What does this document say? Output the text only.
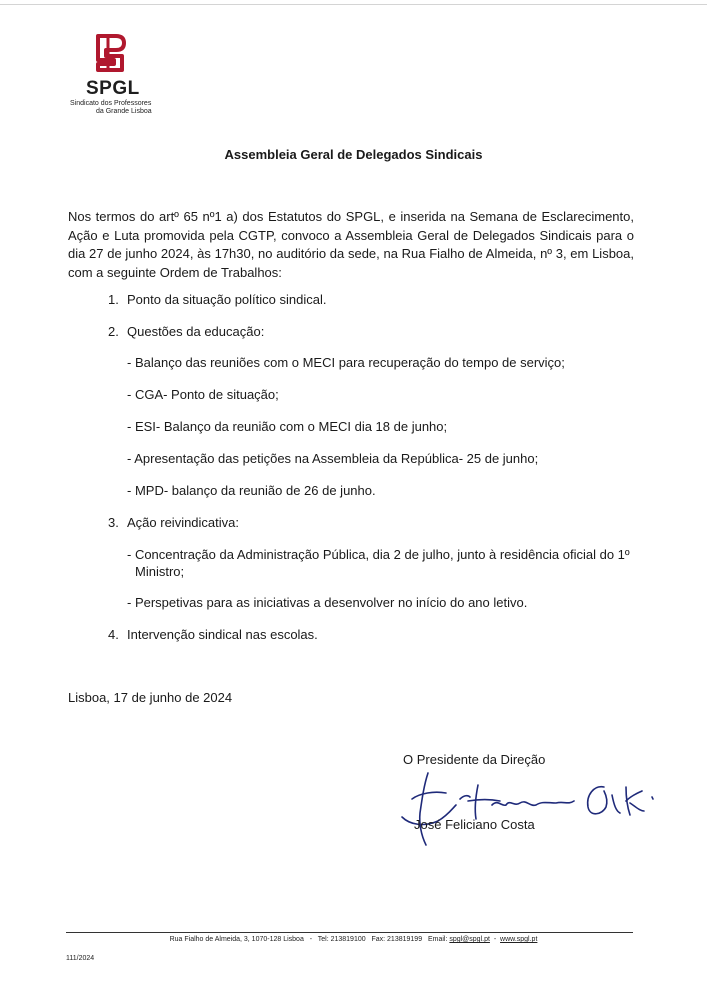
SPGL
Sindicato dos Professores
da Grande Lisboa
Assembleia Geral de Delegados Sindicais
Nos termos do artº 65 nº1 a) dos Estatutos do SPGL, e inserida na Semana de Esclarecimento, Ação e Luta promovida pela CGTP, convoco a Assembleia Geral de Delegados Sindicais para o dia 27 de junho 2024, às 17h30, no auditório da sede, na Rua Fialho de Almeida, nº 3, em Lisboa, com a seguinte Ordem de Trabalhos:
1. Ponto da situação político sindical.
2. Questões da educação:
- Balanço das reuniões com o MECI para recuperação do tempo de serviço;
- CGA- Ponto de situação;
- ESI- Balanço da reunião com o MECI dia 18 de junho;
- Apresentação das petições na Assembleia da República- 25 de junho;
- MPD- balanço da reunião de 26 de junho.
3. Ação reivindicativa:
- Concentração da Administração Pública, dia 2 de julho, junto à residência oficial do 1º
Ministro;
- Perspetivas para as iniciativas a desenvolver no início do ano letivo.
4. Intervenção sindical nas escolas.
Lisboa, 17 de junho de 2024
O Presidente da Direção
José Feliciano Costa
Rua Fialho de Almeida, 3, 1070-128 Lisboa - Tel: 213819100 Fax: 213819199 Email: spgl@spgl.pt - www.spgl.pt
111/2024
